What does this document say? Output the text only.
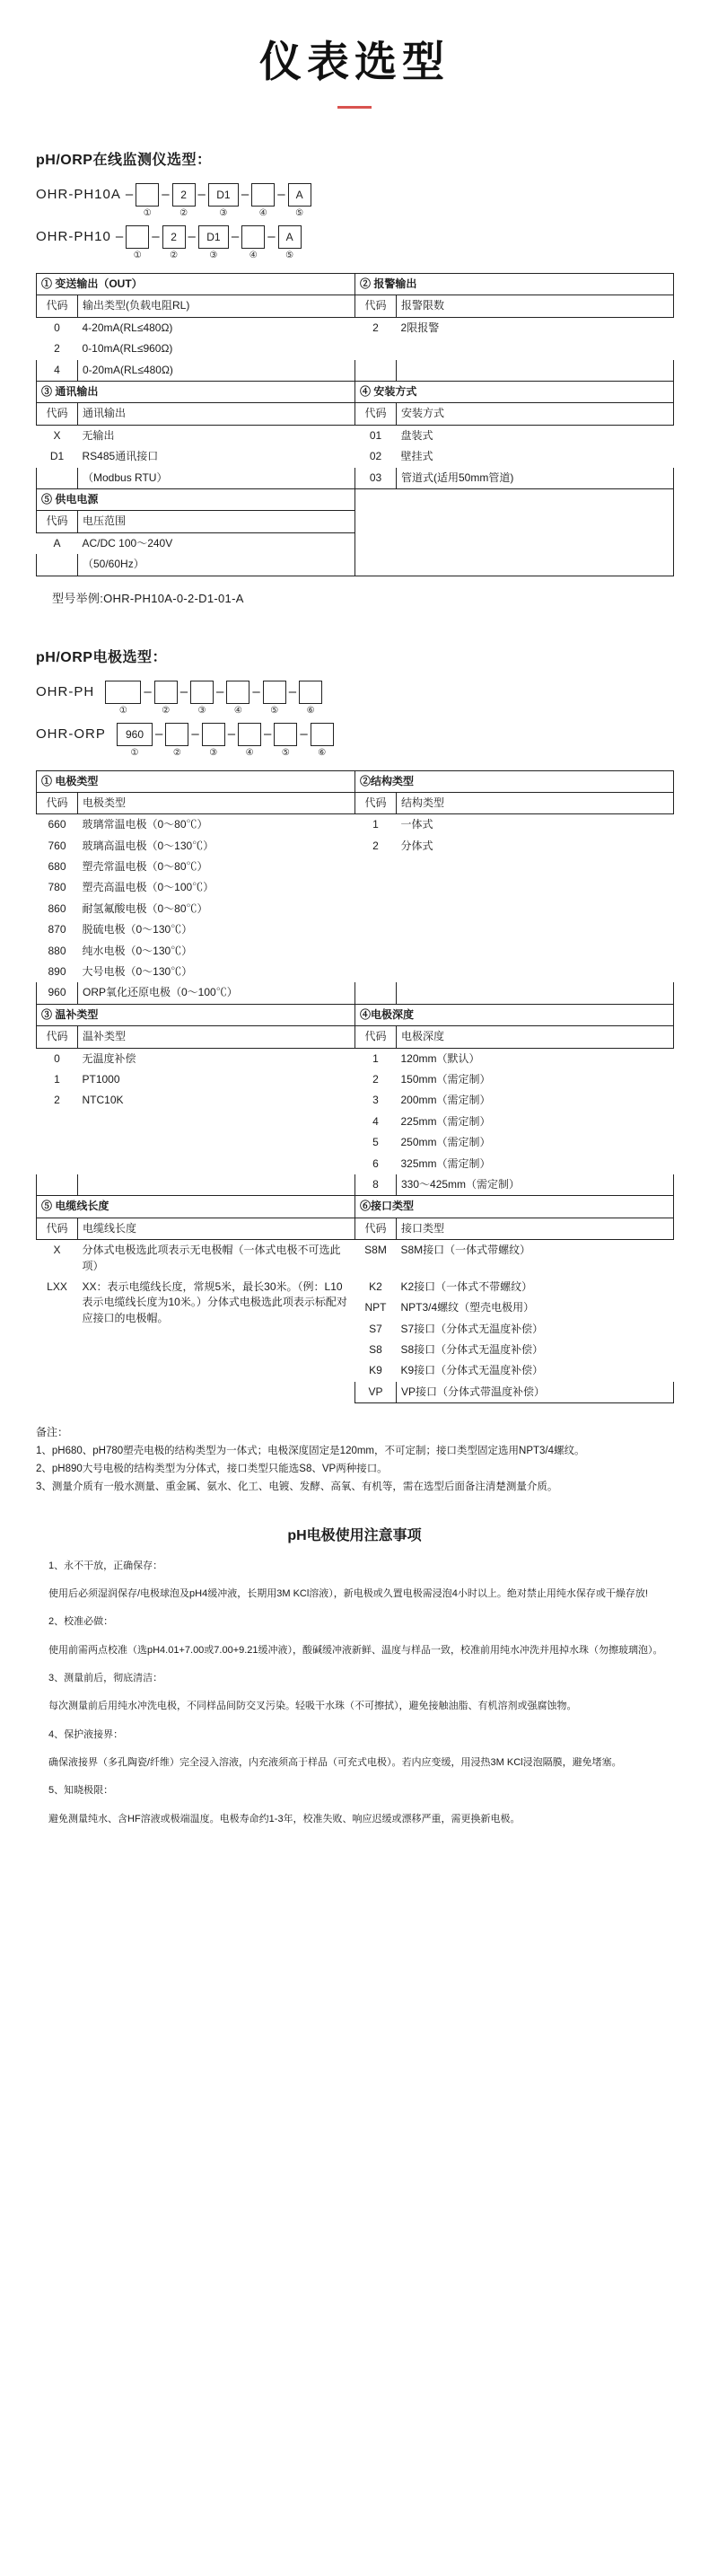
仪表选型
pH/ORP在线监测仪选型：
OHR-PH10A –
①
–	2
②
–	D1
③
–
④
– A
⑤
OHR-PH10 –
①
–	2
②
–	D1
③
–
④
– A
⑤
① 变送输出（OUT）		② 报警输出	
代码	输出类型(负载电阻RL)	代码	报警限数
0	4-20mA(RL≤480Ω)	2	2限报警
2	0-10mA(RL≤960Ω)		
4	0-20mA(RL≤480Ω)		
③ 通讯输出		④ 安装方式	
代码	通讯输出	代码	安装方式
X	无输出	01	盘装式
D1	RS485通讯接口	02	壁挂式
	（Modbus RTU）	03	管道式(适用50mm管道)
⑤ 供电电源			
代码	电压范围		
A	AC/DC 100～240V		
	（50/60Hz）		
型号举例:OHR-PH10A-0-2-D1-01-A
pH/ORP电极选型：
OHR-PH

①
–
②
–
③
–
④
–
⑤
–
⑥
OHR-ORP
	960
①
–
②
–
③
–
④
–
⑤
–
⑥
① 电极类型		②结构类型	
代码	电极类型	代码	结构类型
660	玻璃常温电极（0～80℃）	1	一体式
760	玻璃高温电极（0～130℃）	2	分体式
680	塑壳常温电极（0～80℃）		
780	塑壳高温电极（0～100℃）		
860	耐氢氟酸电极（0～80℃）		
870	脱硫电极（0～130℃）		
880	纯水电极（0～130℃）		
890	大号电极（0～130℃）		
960	ORP氧化还原电极（0～100℃）		
③ 温补类型		④电极深度	
代码	温补类型	代码	电极深度
0	无温度补偿	1	120mm（默认）
1	PT1000	2	150mm（需定制）
2	NTC10K	3	200mm（需定制）
		4	225mm（需定制）
		5	250mm（需定制）
		6	325mm（需定制）
		8	330～425mm（需定制）
⑤ 电缆线长度		⑥接口类型	
代码	电缆线长度	代码	接口类型
X	分体式电极选此项表示无电极帽（一体式电极不可选此项）	S8M	S8M接口（一体式带螺纹）
LXX	XX：表示电缆线长度，常规5米，最长30米。（例：L10表示电缆线长度为10米。）分体式电极选此项表示标配对应接口的电极帽。	K2	K2接口（一体式不带螺纹）
		NPT	NPT3/4螺纹（塑壳电极用）
		S7	S7接口（分体式无温度补偿）
		S8	S8接口（分体式无温度补偿）
		K9	K9接口（分体式无温度补偿）
		VP	VP接口（分体式带温度补偿）

备注：

1、pH680、pH780塑壳电极的结构类型为一体式；电极深度固定是120mm，不可定制；接口类型固定选用NPT3/4螺纹。

2、pH890大号电极的结构类型为分体式，接口类型只能选S8、VP两种接口。

3、测量介质有一般水测量、重金属、氨水、化工、电镀、发酵、高氧、有机等，需在选型后面备注清楚测量介质。

pH电极使用注意事项

1、永不干放，正确保存：

使用后必须湿润保存/电极球泡及pH4缓冲液，长期用3M KCl溶液），新电极或久置电极需浸泡4小时以上。绝对禁止用纯水保存或干燥存放!

2、校准必做：

使用前需两点校准（选pH4.01+7.00或7.00+9.21缓冲液），酸碱缓冲液新鲜、温度与样品一致，校准前用纯水冲洗并甩掉水珠（勿擦玻璃泡）。

3、测量前后，彻底清洁：

每次测量前后用纯水冲洗电极，不同样品间防交叉污染。轻吸干水珠（不可擦拭），避免接触油脂、有机溶剂或强腐蚀物。

4、保护液接界：

确保液接界（多孔陶瓷/纤维）完全浸入溶液，内充液须高于样品（可充式电极）。若内应变缓，用浸热3M KCl浸泡隔膜，避免堵塞。

5、知晓极限：

避免测量纯水、含HF溶液或极端温度。电极寿命约1-3年，校准失败、响应迟缓或漂移严重，需更换新电极。
